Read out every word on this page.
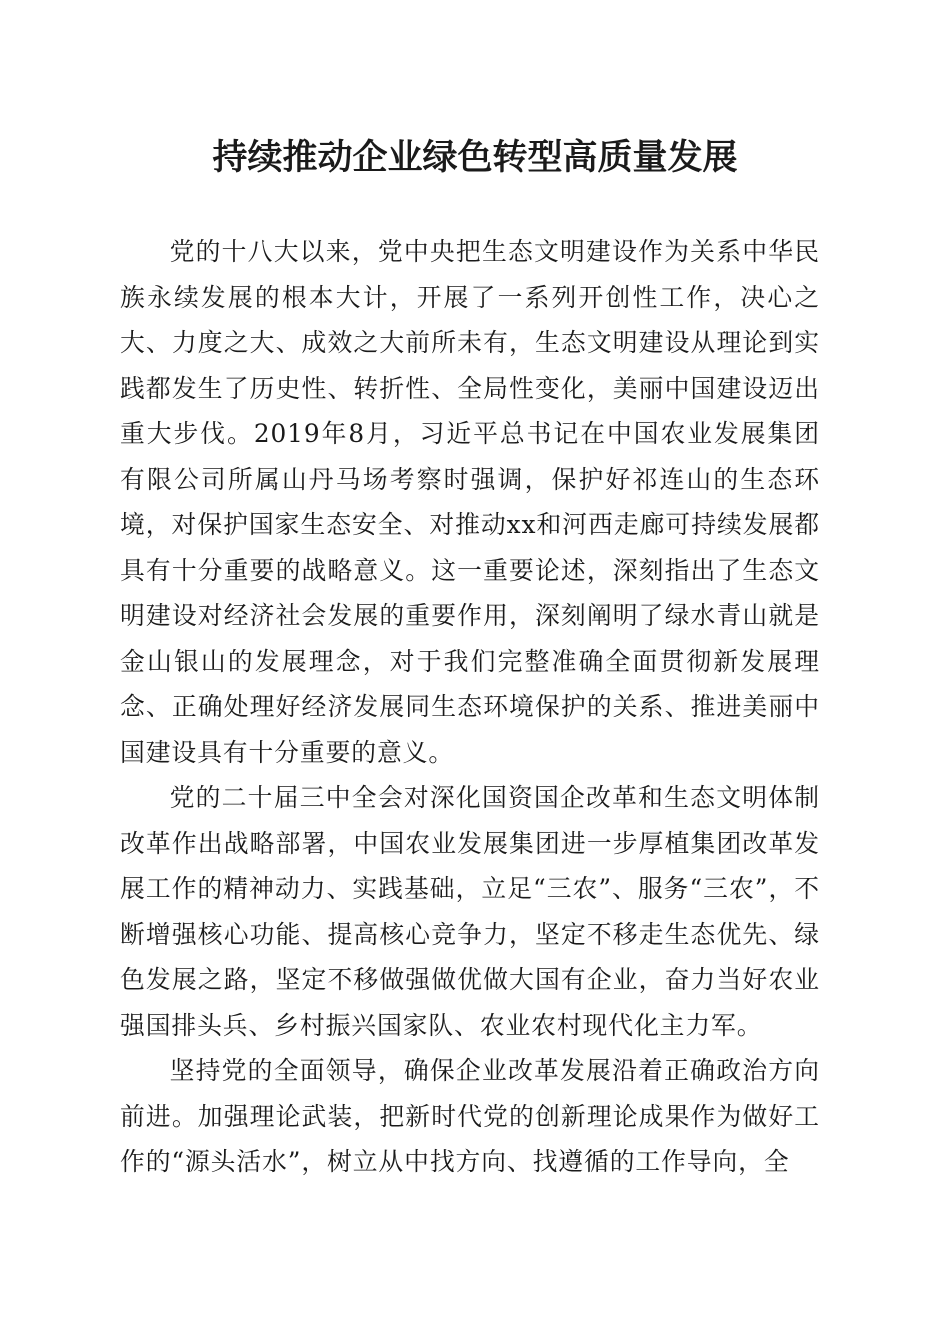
持续推动企业绿色转型高质量发展

党的十八大以来，党中央把生态文明建设作为关系中华民族永续发展的根本大计，开展了一系列开创性工作，决心之大、力度之大、成效之大前所未有，生态文明建设从理论到实践都发生了历史性、转折性、全局性变化，美丽中国建设迈出重大步伐。2019年8月，习近平总书记在中国农业发展集团有限公司所属山丹马场考察时强调，保护好祁连山的生态环境，对保护国家生态安全、对推动xx和河西走廊可持续发展都具有十分重要的战略意义。这一重要论述，深刻指出了生态文明建设对经济社会发展的重要作用，深刻阐明了绿水青山就是金山银山的发展理念，对于我们完整准确全面贯彻新发展理念、正确处理好经济发展同生态环境保护的关系、推进美丽中国建设具有十分重要的意义。

党的二十届三中全会对深化国资国企改革和生态文明体制改革作出战略部署，中国农业发展集团进一步厚植集团改革发展工作的精神动力、实践基础，立足“三农”、服务“三农”，不断增强核心功能、提高核心竞争力，坚定不移走生态优先、绿色发展之路，坚定不移做强做优做大国有企业，奋力当好农业强国排头兵、乡村振兴国家队、农业农村现代化主力军。

坚持党的全面领导，确保企业改革发展沿着正确政治方向前进。加强理论武装，把新时代党的创新理论成果作为做好工作的“源头活水”，树立从中找方向、找遵循的工作导向，全
